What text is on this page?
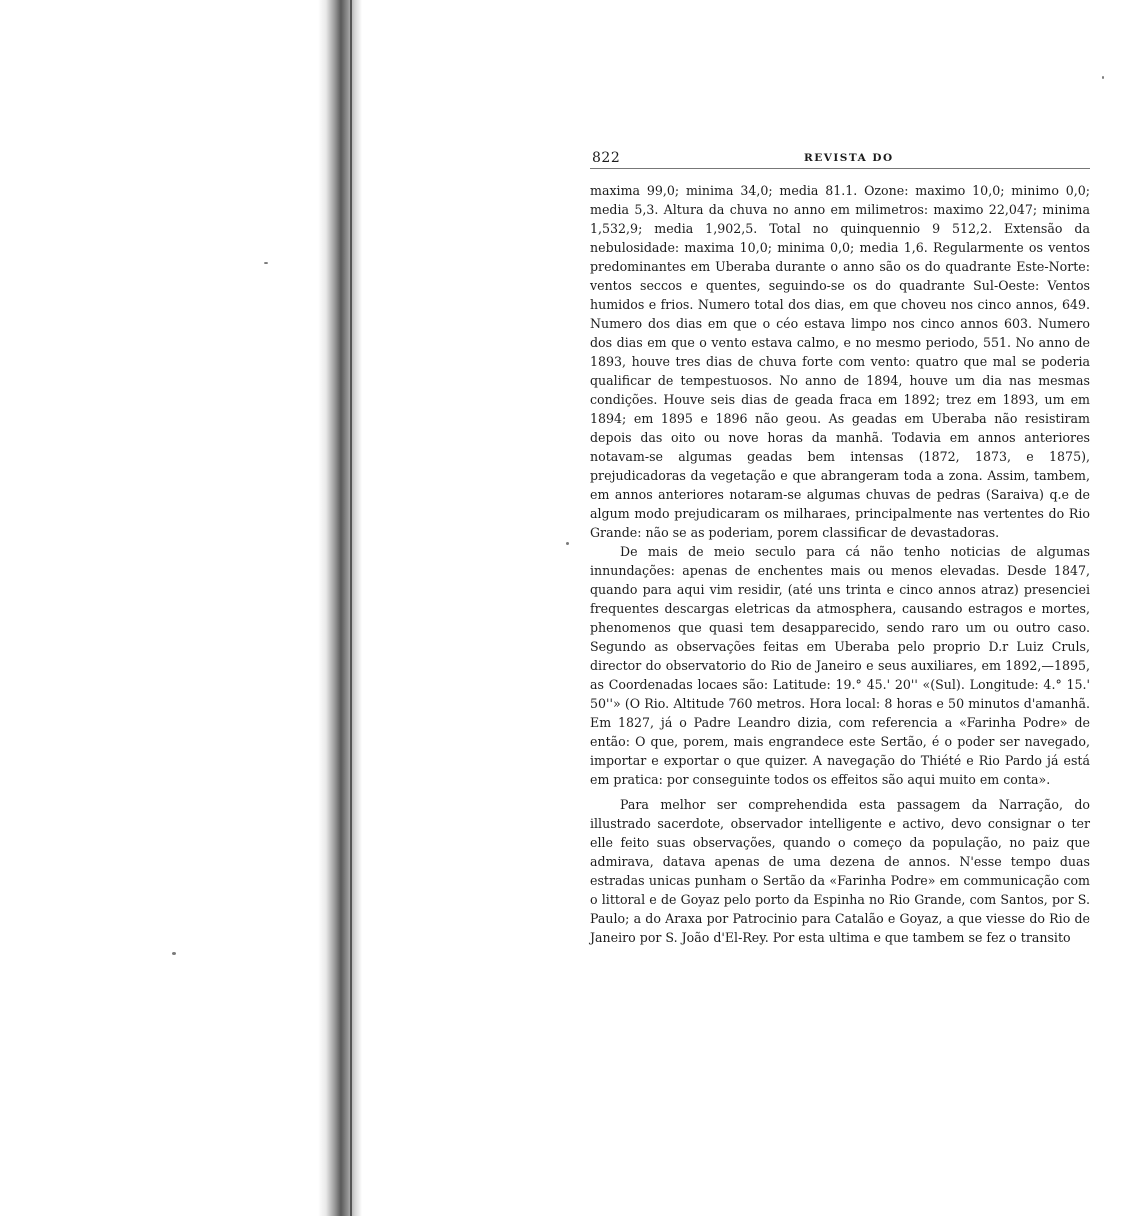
822	REVISTA DO

maxima 99,0; minima 34,0; media 81.1. Ozone: maximo 10,0; minimo 0,0; media 5,3. Altura da chuva no anno em milimetros: maximo 22,047; minima 1,532,9; media 1,902,5. Total no quinquennio 9 512,2. Extensão da nebulosidade: maxima 10,0; minima 0,0; media 1,6. Regularmente os ventos predominantes em Uberaba durante o anno são os do quadrante Este-Norte: ventos seccos e quentes, seguindo-se os do quadrante Sul-Oeste: Ventos humidos e frios. Numero total dos dias, em que choveu nos cinco annos, 649. Numero dos dias em que o céo estava limpo nos cinco annos 603. Numero dos dias em que o vento estava calmo, e no mesmo periodo, 551. No anno de 1893, houve tres dias de chuva forte com vento: quatro que mal se poderia qualificar de tempestuosos. No anno de 1894, houve um dia nas mesmas condições. Houve seis dias de geada fraca em 1892; trez em 1893, um em 1894; em 1895 e 1896 não geou. As geadas em Uberaba não resistiram depois das oito ou nove horas da manhã. Todavia em annos anteriores notavam-se algumas geadas bem intensas (1872, 1873, e 1875), prejudicadoras da vegetação e que abrangeram toda a zona. Assim, tambem, em annos anteriores notaram-se algumas chuvas de pedras (Saraiva) q.e de algum modo prejudicaram os milharaes, principalmente nas vertentes do Rio Grande: não se as poderiam, porem classificar de devastadoras.

De mais de meio seculo para cá não tenho noticias de algumas innundações: apenas de enchentes mais ou menos elevadas. Desde 1847, quando para aqui vim residir, (até uns trinta e cinco annos atraz) presenciei frequentes descargas eletricas da atmosphera, causando estragos e mortes, phenomenos que quasi tem desapparecido, sendo raro um ou outro caso. Segundo as observações feitas em Uberaba pelo proprio D.r Luiz Cruls, director do observatorio do Rio de Janeiro e seus auxiliares, em 1892,—1895, as Coordenadas locaes são: Latitude: 19.° 45.' 20'' «(Sul). Longitude: 4.° 15.' 50''» (O Rio. Altitude 760 metros. Hora local: 8 horas e 50 minutos d'amanhã. Em 1827, já o Padre Leandro dizia, com referencia a «Farinha Podre» de então: O que, porem, mais engrandece este Sertão, é o poder ser navegado, importar e exportar o que quizer. A navegação do Thiété e Rio Pardo já está em pratica: por conseguinte todos os effeitos são aqui muito em conta».

Para melhor ser comprehendida esta passagem da Narração, do illustrado sacerdote, observador intelligente e activo, devo consignar o ter elle feito suas observações, quando o começo da população, no paiz que admirava, datava apenas de uma dezena de annos. N'esse tempo duas estradas unicas punham o Sertão da «Farinha Podre» em communicação com o littoral e de Goyaz pelo porto da Espinha no Rio Grande, com Santos, por S. Paulo; a do Araxa por Patrocinio para Catalão e Goyaz, a que viesse do Rio de Janeiro por S. João d'El-Rey. Por esta ultima e que tambem se fez o transito
